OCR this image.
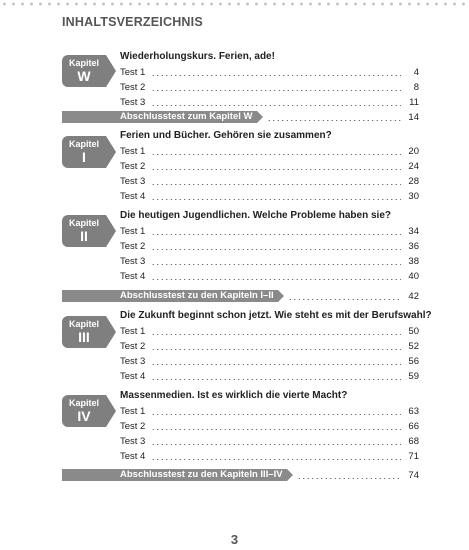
INHALTSVERZEICHNIS
Kapitel
W
Wiederholungskurs. Ferien, ade!
Test 1	4
Test 2	8
Test 3	11
Abschlusstest zum Kapitel W	14
Kapitel
I
Ferien und Bücher. Gehören sie zusammen?
Test 1	20
Test 2	24
Test 3	28
Test 4	30
Kapitel
II
Die heutigen Jugendlichen. Welche Probleme haben sie?
Test 1	34
Test 2	36
Test 3	38
Test 4	40
Abschlusstest zu den Kapiteln I–II	42
Kapitel
III
Die Zukunft beginnt schon jetzt. Wie steht es mit der Berufswahl?
Test 1	50
Test 2	52
Test 3	56
Test 4	59
Kapitel
IV
Massenmedien. Ist es wirklich die vierte Macht?
Test 1	63
Test 2	66
Test 3	68
Test 4	71
Abschlusstest zu den Kapiteln III–IV	74
3
